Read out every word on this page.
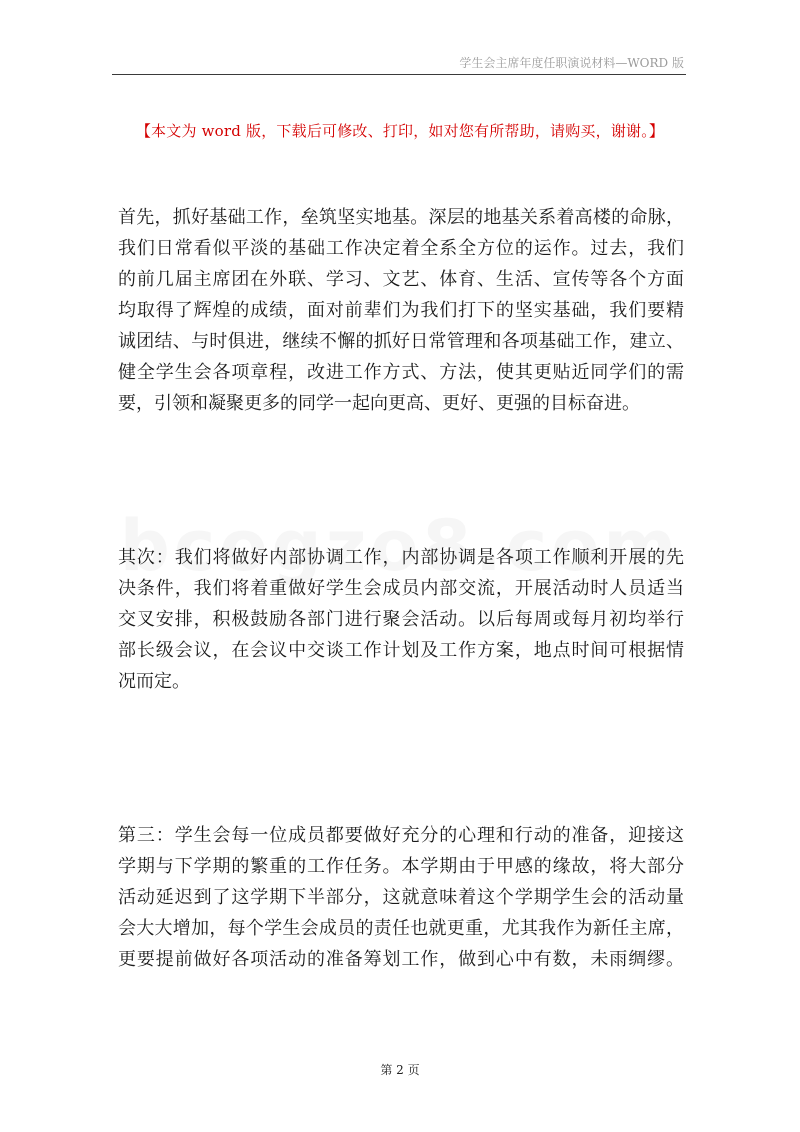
学生会主席年度任职演说材料—WORD 版
【本文为 word 版，下载后可修改、打印，如对您有所帮助，请购买，谢谢。】
首先，抓好基础工作，垒筑坚实地基。深层的地基关系着高楼的命脉，
我们日常看似平淡的基础工作决定着全系全方位的运作。过去，我们
的前几届主席团在外联、学习、文艺、体育、生活、宣传等各个方面
均取得了辉煌的成绩，面对前辈们为我们打下的坚实基础，我们要精
诚团结、与时俱进，继续不懈的抓好日常管理和各项基础工作，建立、
健全学生会各项章程，改进工作方式、方法，使其更贴近同学们的需
要，引领和凝聚更多的同学一起向更高、更好、更强的目标奋进。
其次：我们将做好内部协调工作，内部协调是各项工作顺利开展的先
决条件，我们将着重做好学生会成员内部交流，开展活动时人员适当
交叉安排，积极鼓励各部门进行聚会活动。以后每周或每月初均举行
部长级会议，在会议中交谈工作计划及工作方案，地点时间可根据情
况而定。
第三：学生会每一位成员都要做好充分的心理和行动的准备，迎接这
学期与下学期的繁重的工作任务。本学期由于甲感的缘故，将大部分
活动延迟到了这学期下半部分，这就意味着这个学期学生会的活动量
会大大增加，每个学生会成员的责任也就更重，尤其我作为新任主席，
更要提前做好各项活动的准备筹划工作，做到心中有数，未雨绸缪。
第 2 页
